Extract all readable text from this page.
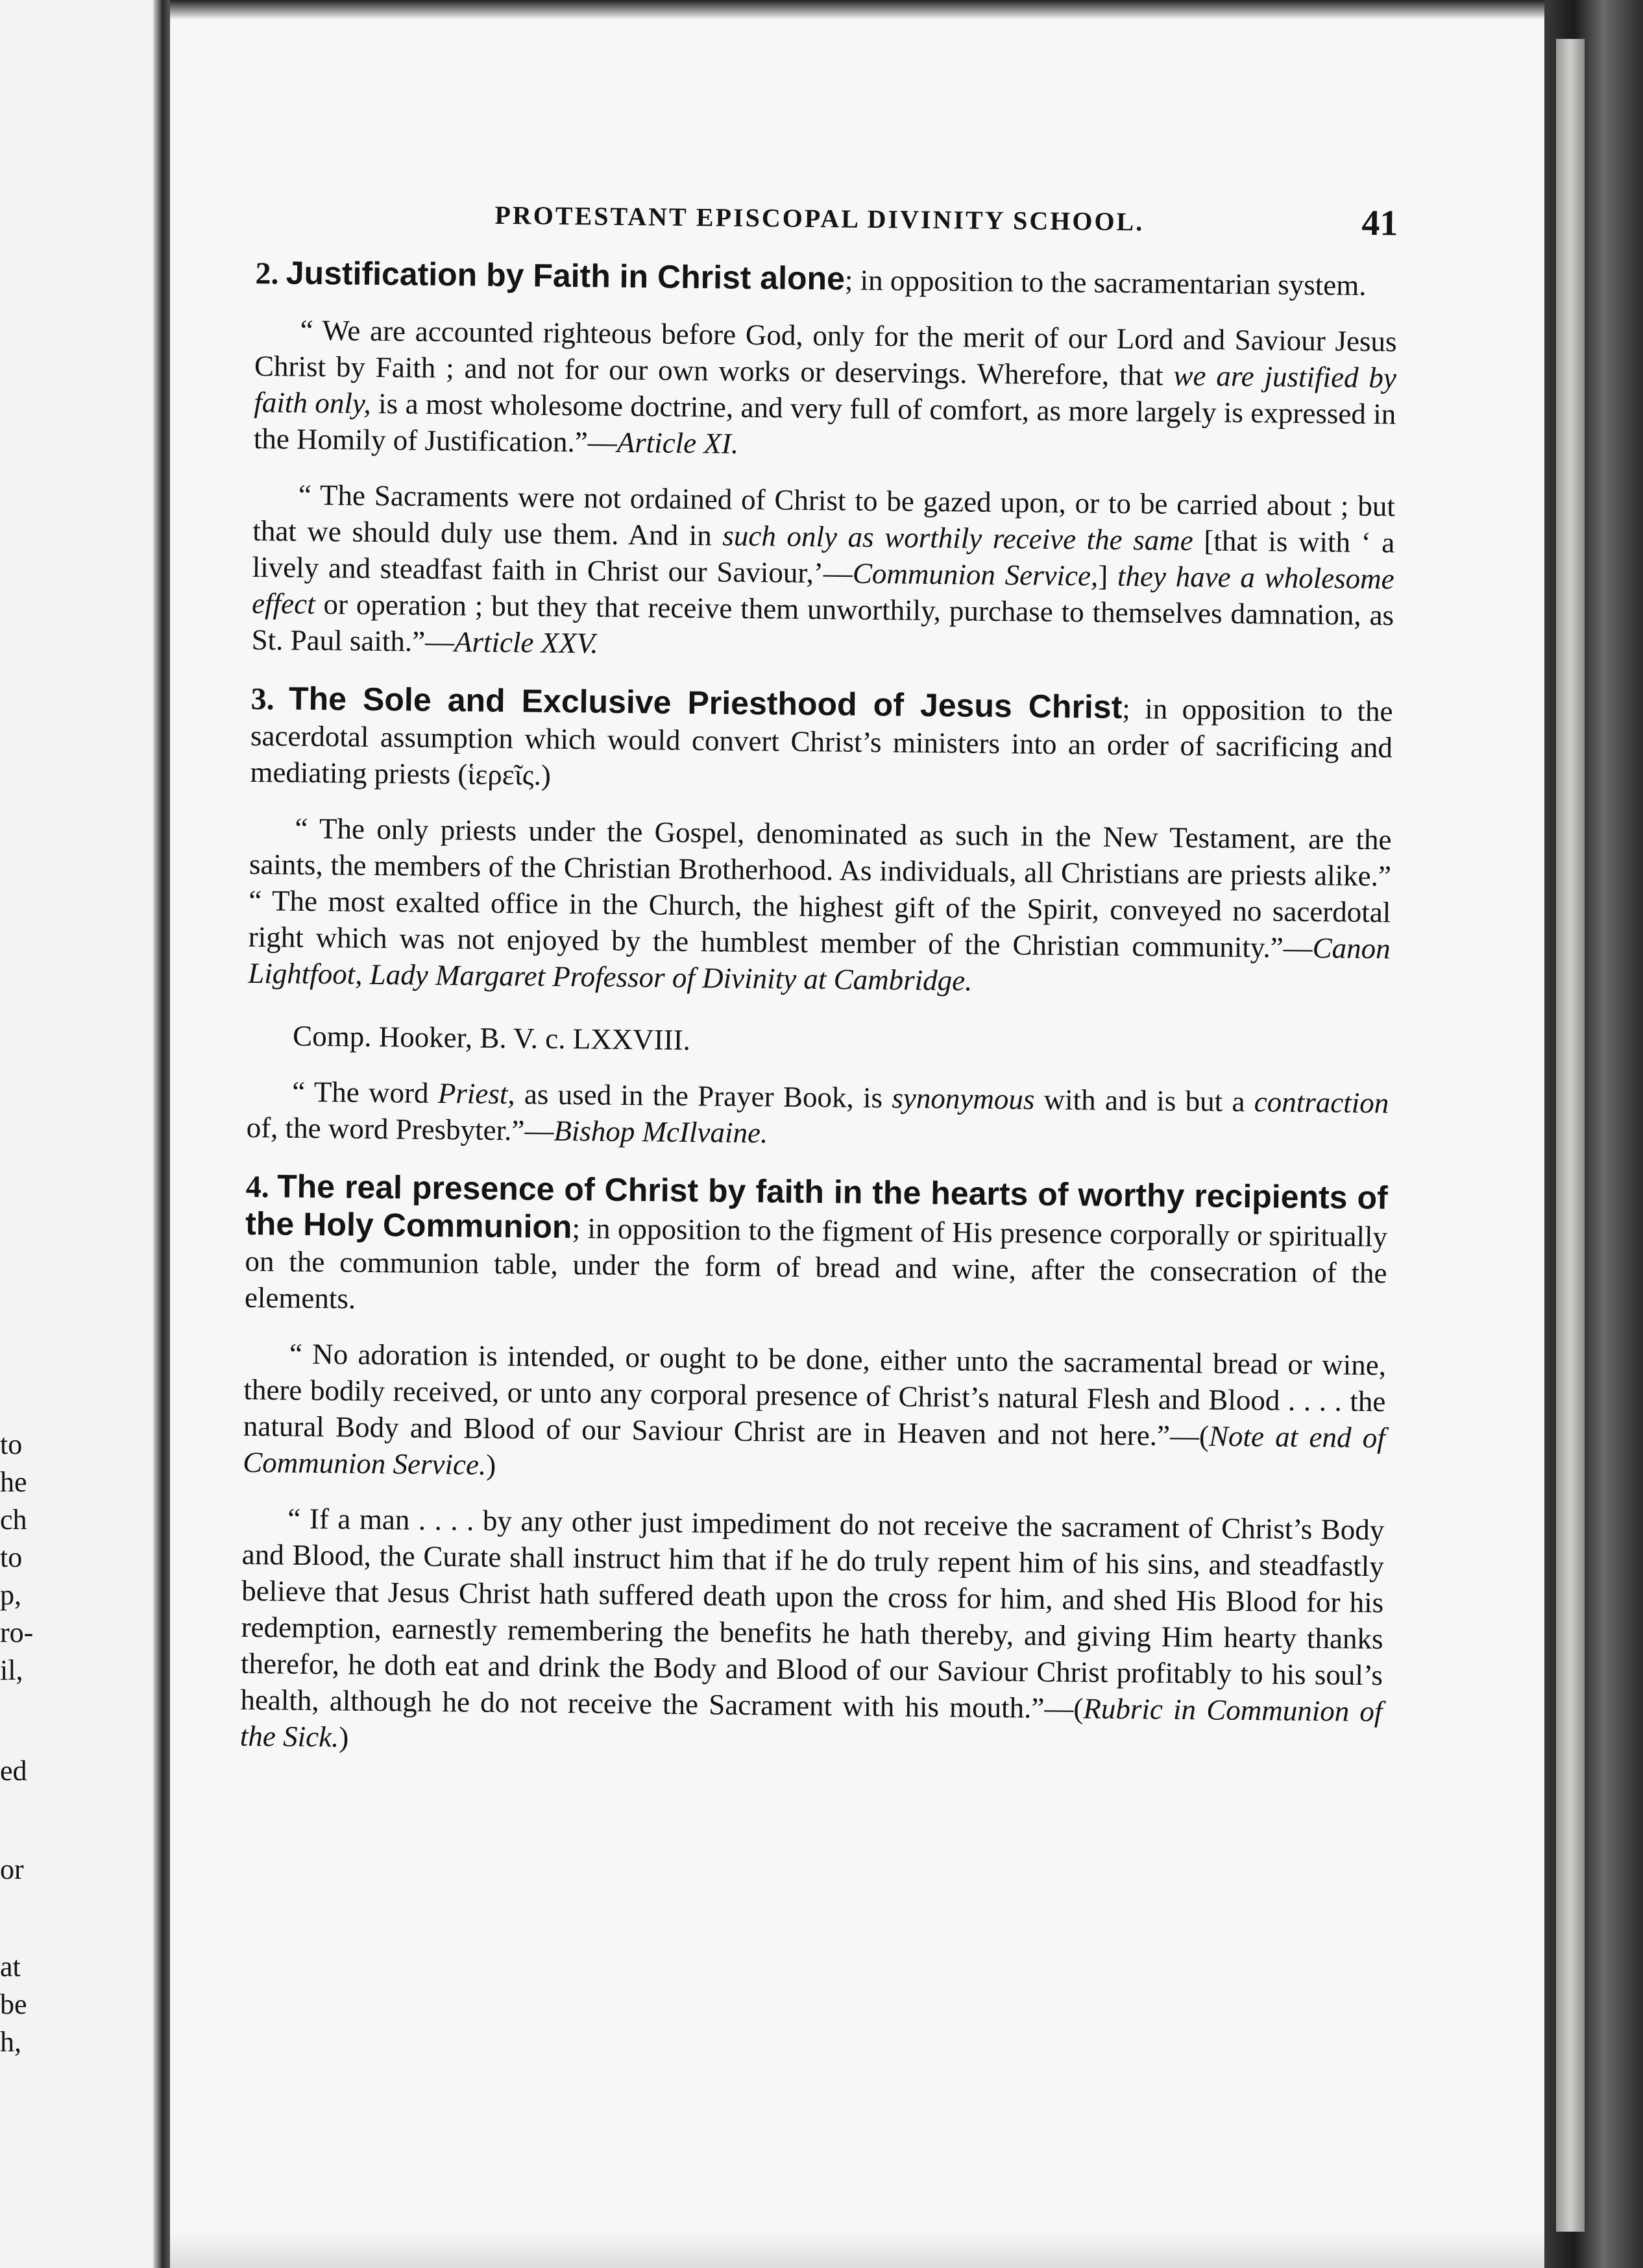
to
he
ch
to
p,
ro-
il,
ed
or
at
be
h,
PROTESTANT EPISCOPAL DIVINITY SCHOOL.	41

2. Justification by Faith in Christ alone; in opposition to the sacramentarian system.

“ We are accounted righteous before God, only for the merit of our Lord and Saviour Jesus Christ by Faith ; and not for our own works or deservings. Wherefore, that we are justified by faith only, is a most wholesome doctrine, and very full of comfort, as more largely is expressed in the Homily of Justification.”—Article XI.

“ The Sacraments were not ordained of Christ to be gazed upon, or to be carried about ; but that we should duly use them. And in such only as worthily receive the same [that is with ‘ a lively and steadfast faith in Christ our Saviour,’—Communion Service,] they have a wholesome effect or operation ; but they that receive them unworthily, purchase to themselves damnation, as St. Paul saith.”—Article XXV.

3. The Sole and Exclusive Priesthood of Jesus Christ; in opposition to the sacerdotal assumption which would convert Christ’s ministers into an order of sacrificing and mediating priests (ἱερεῖς.)

“ The only priests under the Gospel, denominated as such in the New Testament, are the saints, the members of the Christian Brotherhood. As individuals, all Christians are priests alike.” “ The most exalted office in the Church, the highest gift of the Spirit, conveyed no sacerdotal right which was not enjoyed by the humblest member of the Christian community.”—Canon Lightfoot, Lady Margaret Professor of Divinity at Cambridge.

Comp. Hooker, B. V. c. LXXVIII.

“ The word Priest, as used in the Prayer Book, is synonymous with and is but a contraction of, the word Presbyter.”—Bishop McIlvaine.

4. The real presence of Christ by faith in the hearts of worthy recipients of the Holy Communion; in opposition to the figment of His presence corporally or spiritually on the communion table, under the form of bread and wine, after the consecration of the elements.

“ No adoration is intended, or ought to be done, either unto the sacramental bread or wine, there bodily received, or unto any corporal presence of Christ’s natural Flesh and Blood . . . . the natural Body and Blood of our Saviour Christ are in Heaven and not here.”—(Note at end of Communion Service.)

“ If a man . . . . by any other just impediment do not receive the sacrament of Christ’s Body and Blood, the Curate shall instruct him that if he do truly repent him of his sins, and steadfastly believe that Jesus Christ hath suffered death upon the cross for him, and shed His Blood for his redemption, earnestly remembering the benefits he hath thereby, and giving Him hearty thanks therefor, he doth eat and drink the Body and Blood of our Saviour Christ profitably to his soul’s health, although he do not receive the Sacrament with his mouth.”—(Rubric in Communion of the Sick.)
